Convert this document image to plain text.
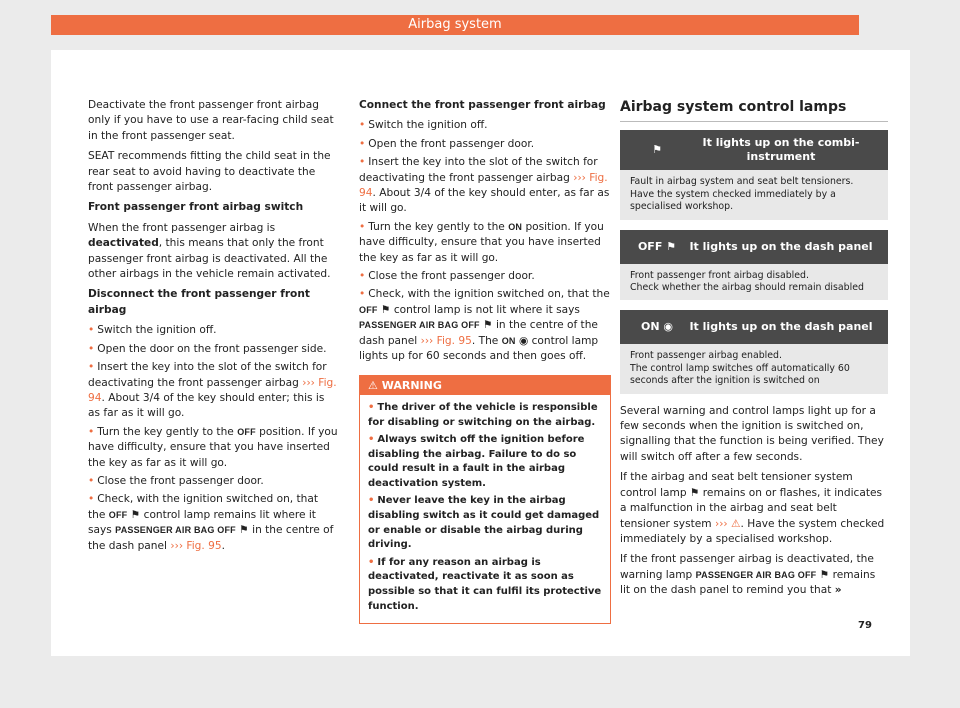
Airbag system

Deactivate the front passenger front airbag only if you have to use a rear-facing child seat in the front passenger seat.

SEAT recommends fitting the child seat in the rear seat to avoid having to deactivate the front passenger airbag.

Front passenger front airbag switch

When the front passenger airbag is deactivated, this means that only the front passenger front airbag is deactivated. All the other airbags in the vehicle remain activated.

Disconnect the front passenger front airbag

• Switch the ignition off.
• Open the door on the front passenger side.
• Insert the key into the slot of the switch for deactivating the front passenger airbag ››› Fig. 94. About 3/4 of the key should enter; this is as far as it will go.
• Turn the key gently to the OFF position. If you have difficulty, ensure that you have inserted the key as far as it will go.
• Close the front passenger door.
• Check, with the ignition switched on, that the OFF ⚑ control lamp remains lit where it says PASSENGER AIR BAG OFF ⚑ in the centre of the dash panel ››› Fig. 95.

Connect the front passenger front airbag

• Switch the ignition off.
• Open the front passenger door.
• Insert the key into the slot of the switch for deactivating the front passenger airbag ››› Fig. 94. About 3/4 of the key should enter, as far as it will go.
• Turn the key gently to the ON position. If you have difficulty, ensure that you have inserted the key as far as it will go.
• Close the front passenger door.
• Check, with the ignition switched on, that the OFF ⚑ control lamp is not lit where it says PASSENGER AIR BAG OFF ⚑ in the centre of the dash panel ››› Fig. 95. The ON ◉ control lamp lights up for 60 seconds and then goes off.
⚠ WARNING
• The driver of the vehicle is responsible for disabling or switching on the airbag.
• Always switch off the ignition before disabling the airbag. Failure to do so could result in a fault in the airbag deactivation system.
• Never leave the key in the airbag disabling switch as it could get damaged or enable or disable the airbag during driving.
• If for any reason an airbag is deactivated, reactivate it as soon as possible so that it can fulfil its protective function.
Airbag system control lamps
⚑
It lights up on the combi-instrument
Fault in airbag system and seat belt tensioners. Have the system checked immediately by a specialised workshop.
OFF ⚑	It lights up on the dash panel
Front passenger front airbag disabled.
Check whether the airbag should remain disabled
ON ◉	It lights up on the dash panel
Front passenger airbag enabled.
The control lamp switches off automatically 60 seconds after the ignition is switched on

Several warning and control lamps light up for a few seconds when the ignition is switched on, signalling that the function is being verified. They will switch off after a few seconds.

If the airbag and seat belt tensioner system control lamp ⚑ remains on or flashes, it indicates a malfunction in the airbag and seat belt tensioner system ››› ⚠. Have the system checked immediately by a specialised workshop.

If the front passenger airbag is deactivated, the warning lamp PASSENGER AIR BAG OFF ⚑ remains lit on the dash panel to remind you that »

79
